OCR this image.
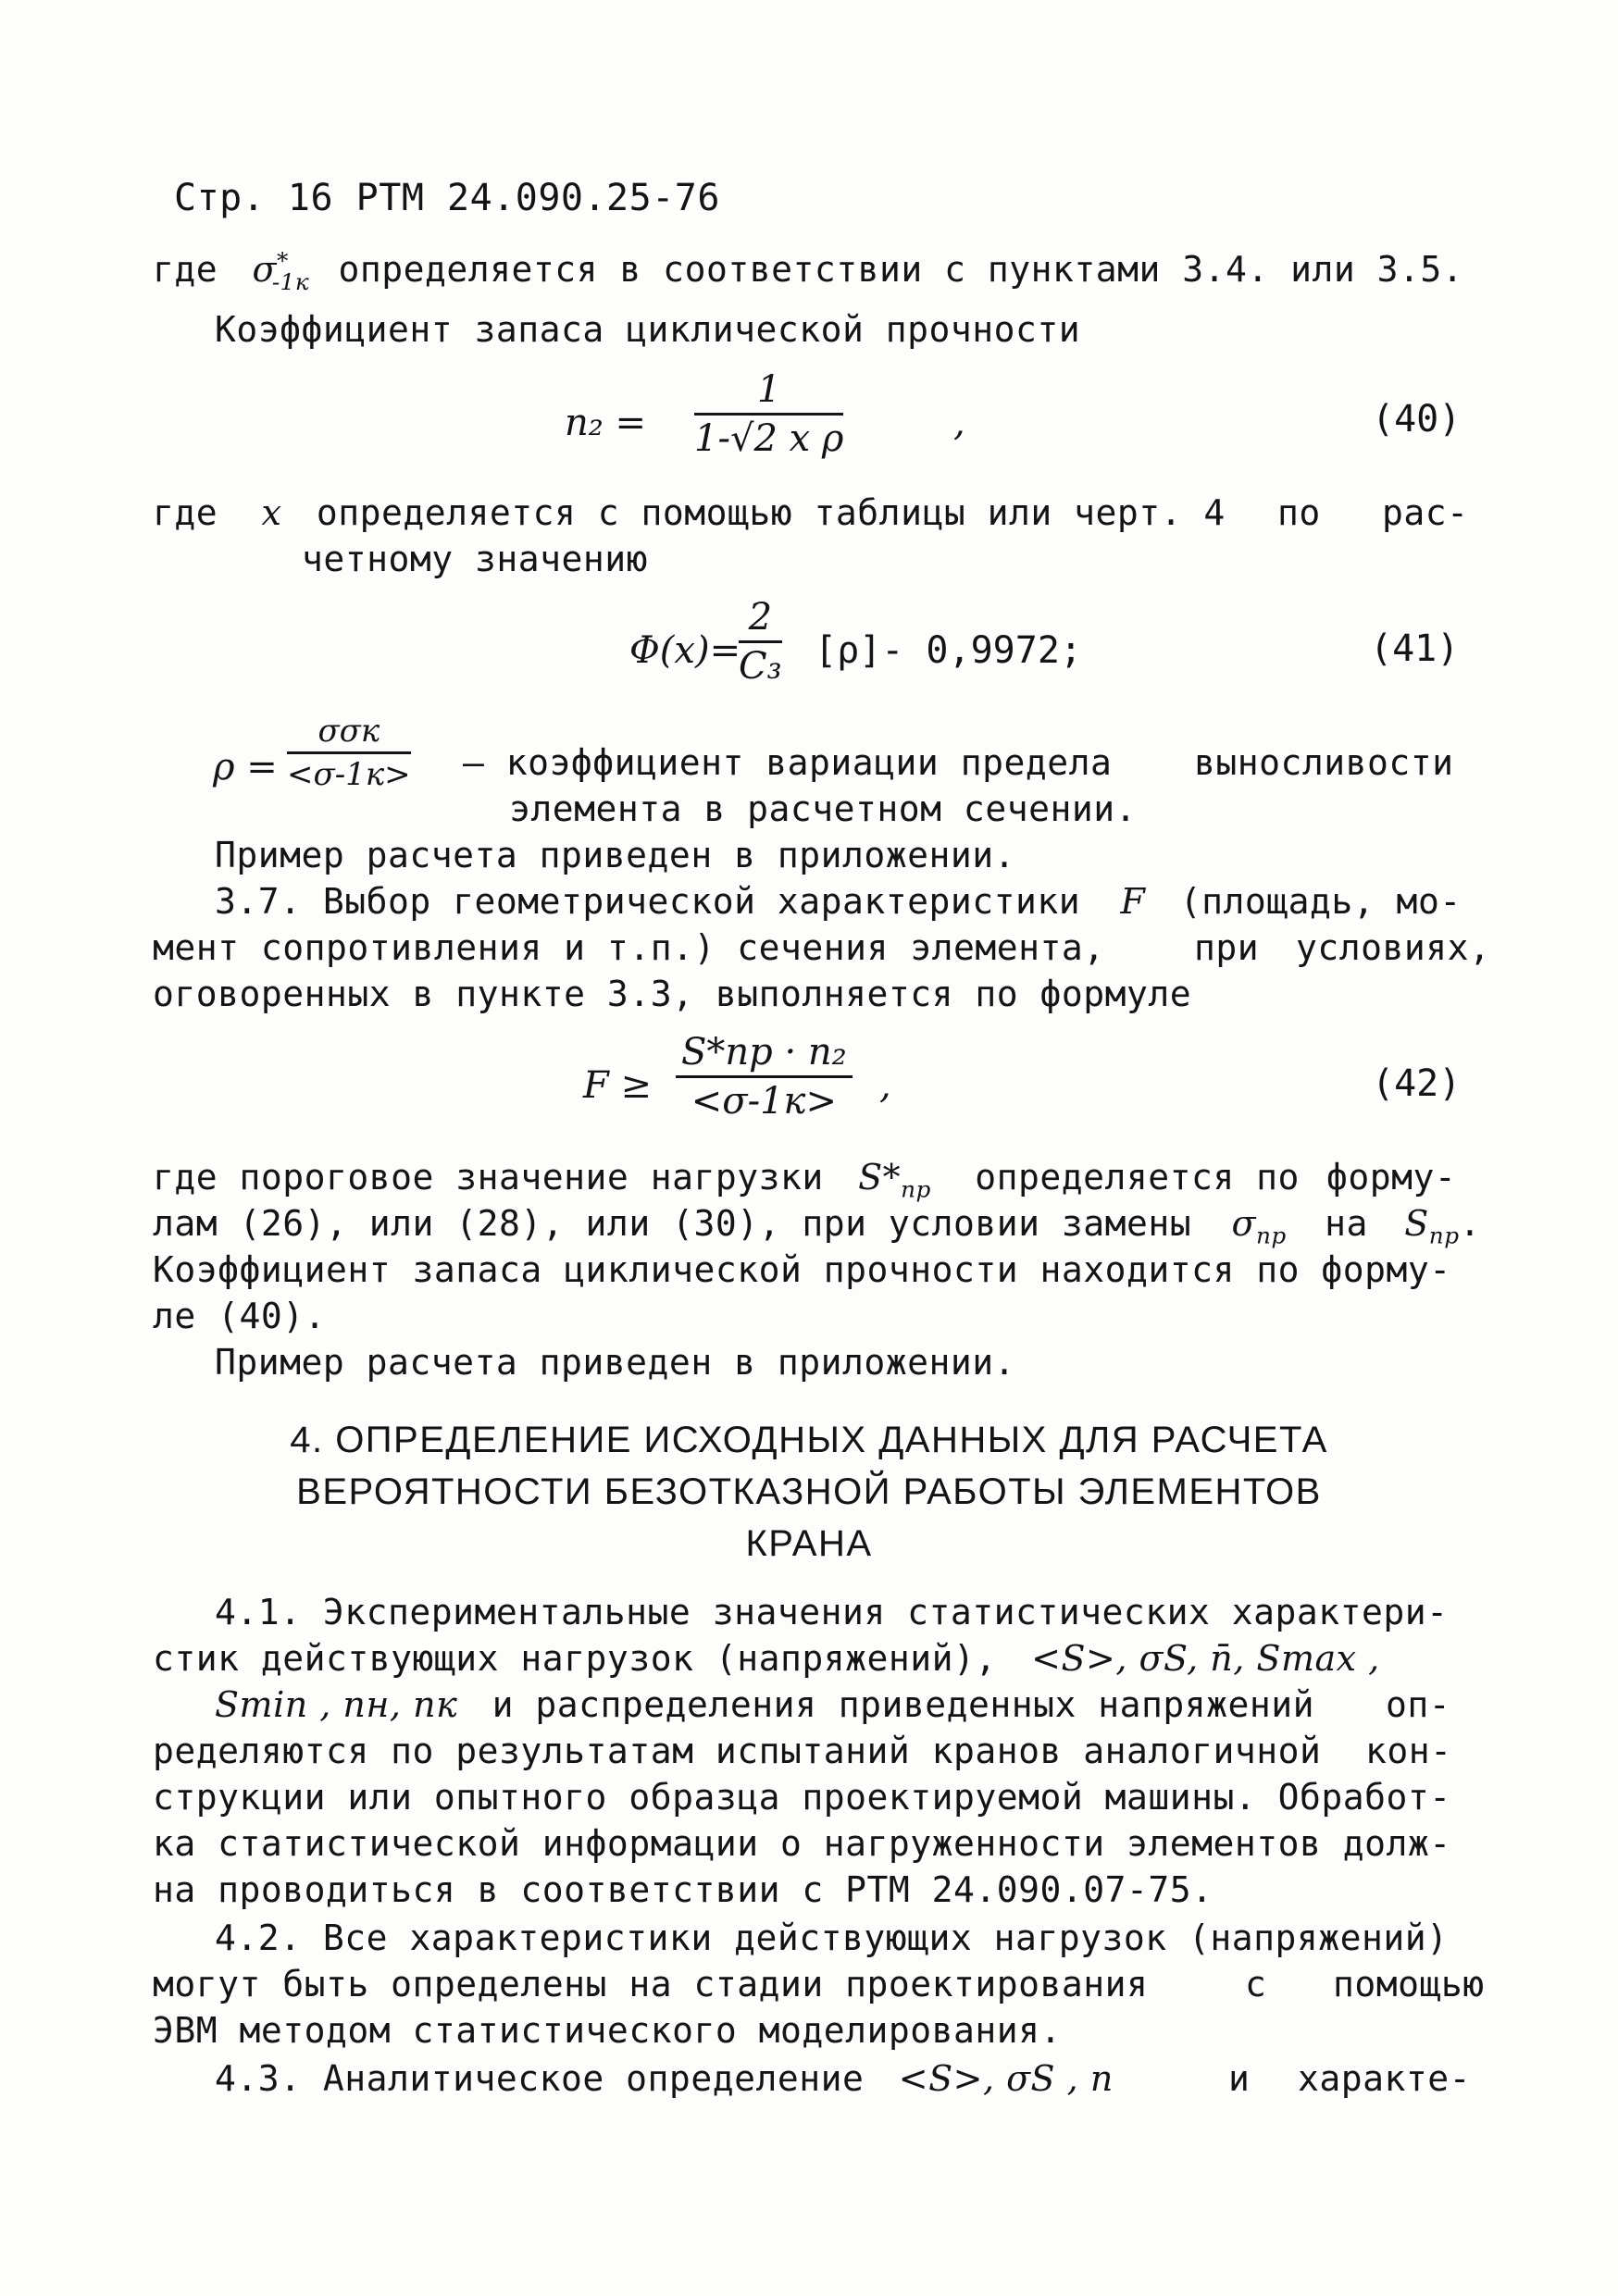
Стр. 16 РТМ 24.090.25-76
где $\sigma^*_{-1к}$ определяется в соответствии с пунктами 3.4. или 3.5.
Коэффициент запаса циклической прочности
$n_2 = \frac{1}{\text{1-√2 x ρ}}$	,	(40)
где x определяется с помощью таблицы или черт. 4 по рас-
четному значению
Φ(x)=
$\frac{2}{\text{C₃}} [\rho]-$ 0,9972;	(41)
ρ =
σσк
<σ-1к> – коэффициент вариации предела выносливости
элемента в расчетном сечении.
Пример расчета приведен в приложении.
3.7. Выбор геометрической характеристики F (площадь, мо-
мент сопротивления и т.п.) сечения элемента,	при условиях,
оговоренных в пункте 3.3, выполняется по формуле
F ≥
S*пр · n₂
<σ-1к>	,	(42)
где пороговое значение нагрузки $S*_{пр}$ определяется по форму-
лам (26), или (28), или (30), при условии замены $\sigma_{пр}$ на $S_{пр}$.
Коэффициент запаса циклической прочности находится по форму-
ле (40).
Пример расчета приведен в приложении.
4. ОПРЕДЕЛЕНИЕ ИСХОДНЫХ ДАННЫХ ДЛЯ РАСЧЕТА
ВЕРОЯТНОСТИ БЕЗОТКАЗНОЙ РАБОТЫ ЭЛЕМЕНТОВ
КРАНА
4.1. Экспериментальные значения статистических характери-
стик действующих нагрузок (напряжений), <S>, σS, n̄, Smax ,
Smin , nн, nк и распределения приведенных напряжений оп-
ределяются по результатам испытаний кранов аналогичной кон-
струкции или опытного образца проектируемой машины. Обработ-
ка статистической информации о нагруженности элементов долж-
на проводиться в соответствии с РТМ 24.090.07-75.
4.2. Все характеристики действующих нагрузок (напряжений)
могут быть определены на стадии проектирования	с помощью
ЭВМ методом статистического моделирования.
4.3. Аналитическое определение <S>, σS , n	и характе-
